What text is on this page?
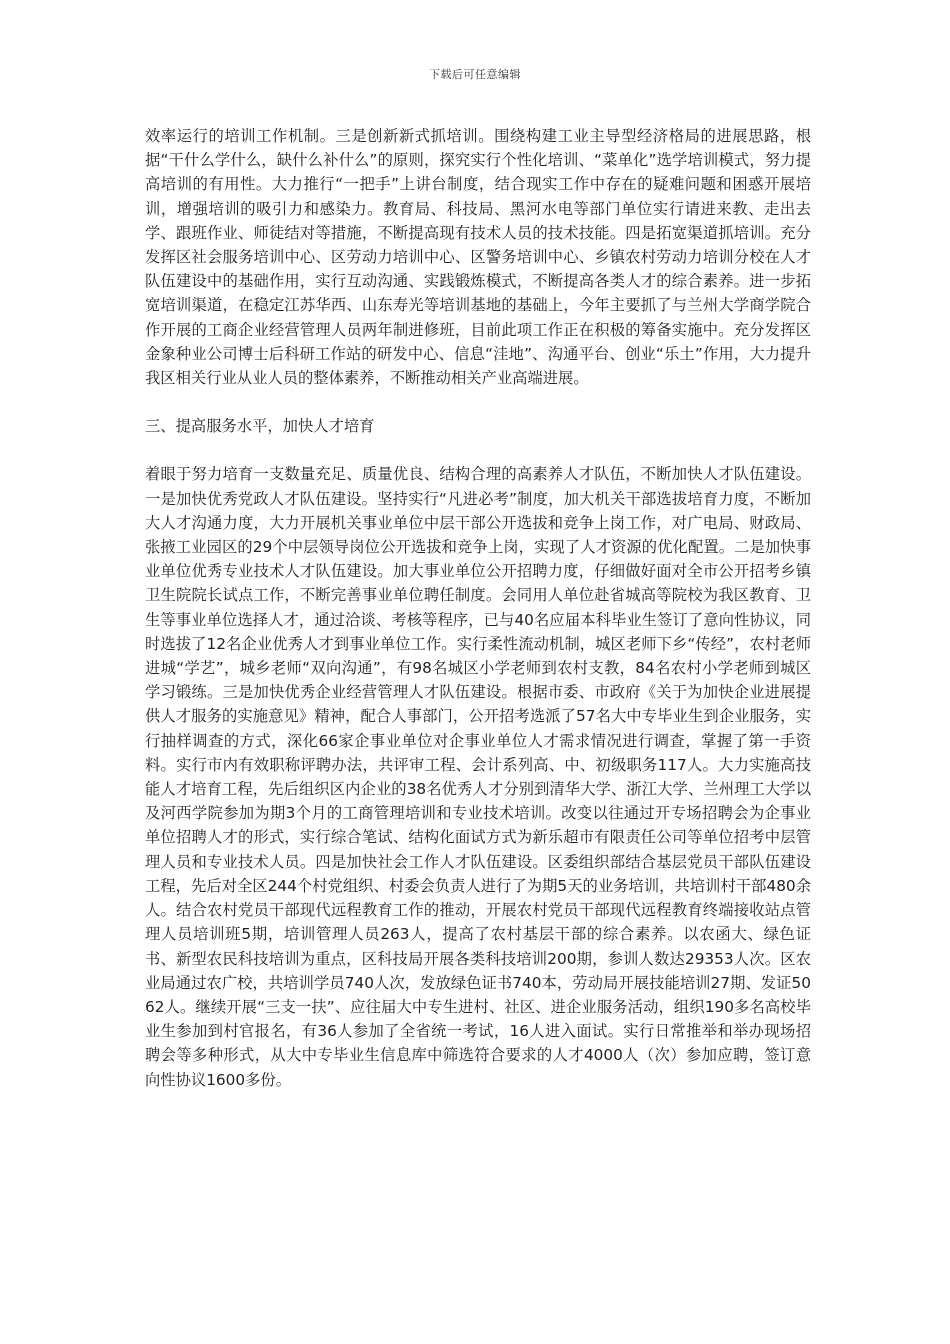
下载后可任意编辑

效率运行的培训工作机制。三是创新新式抓培训。围绕构建工业主导型经济格局的进展思路，根据“干什么学什么，缺什么补什么”的原则，探究实行个性化培训、“菜单化”选学培训模式，努力提高培训的有用性。大力推行“一把手”上讲台制度，结合现实工作中存在的疑难问题和困惑开展培训，增强培训的吸引力和感染力。教育局、科技局、黑河水电等部门单位实行请进来教、走出去学、跟班作业、师徒结对等措施，不断提高现有技术人员的技术技能。四是拓宽渠道抓培训。充分发挥区社会服务培训中心、区劳动力培训中心、区警务培训中心、乡镇农村劳动力培训分校在人才队伍建设中的基础作用，实行互动沟通、实践锻炼模式，不断提高各类人才的综合素养。进一步拓宽培训渠道，在稳定江苏华西、山东寿光等培训基地的基础上，今年主要抓了与兰州大学商学院合作开展的工商企业经营管理人员两年制进修班，目前此项工作正在积极的筹备实施中。充分发挥区金象种业公司博士后科研工作站的研发中心、信息“洼地”、沟通平台、创业“乐土”作用，大力提升我区相关行业从业人员的整体素养，不断推动相关产业高端进展。

三、提高服务水平，加快人才培育

着眼于努力培育一支数量充足、质量优良、结构合理的高素养人才队伍，不断加快人才队伍建设。一是加快优秀党政人才队伍建设。坚持实行“凡进必考”制度，加大机关干部选拔培育力度，不断加大人才沟通力度，大力开展机关事业单位中层干部公开选拔和竞争上岗工作，对广电局、财政局、张掖工业园区的29个中层领导岗位公开选拔和竞争上岗，实现了人才资源的优化配置。二是加快事业单位优秀专业技术人才队伍建设。加大事业单位公开招聘力度，仔细做好面对全市公开招考乡镇卫生院院长试点工作，不断完善事业单位聘任制度。会同用人单位赴省城高等院校为我区教育、卫生等事业单位选择人才，通过洽谈、考核等程序，已与40名应届本科毕业生签订了意向性协议，同时选拔了12名企业优秀人才到事业单位工作。实行柔性流动机制，城区老师下乡“传经”，农村老师进城“学艺”，城乡老师“双向沟通”，有98名城区小学老师到农村支教，84名农村小学老师到城区学习锻练。三是加快优秀企业经营管理人才队伍建设。根据市委、市政府《关于为加快企业进展提供人才服务的实施意见》精神，配合人事部门，公开招考选派了57名大中专毕业生到企业服务，实行抽样调查的方式，深化66家企事业单位对企事业单位人才需求情况进行调查，掌握了第一手资料。实行市内有效职称评聘办法，共评审工程、会计系列高、中、初级职务117人。大力实施高技能人才培育工程，先后组织区内企业的38名优秀人才分别到清华大学、浙江大学、兰州理工大学以及河西学院参加为期3个月的工商管理培训和专业技术培训。改变以往通过开专场招聘会为企事业单位招聘人才的形式，实行综合笔试、结构化面试方式为新乐超市有限责任公司等单位招考中层管理人员和专业技术人员。四是加快社会工作人才队伍建设。区委组织部结合基层党员干部队伍建设工程，先后对全区244个村党组织、村委会负责人进行了为期5天的业务培训，共培训村干部480余人。结合农村党员干部现代远程教育工作的推动，开展农村党员干部现代远程教育终端接收站点管理人员培训班5期，培训管理人员263人，提高了农村基层干部的综合素养。以农函大、绿色证书、新型农民科技培训为重点，区科技局开展各类科技培训200期，参训人数达29353人次。区农业局通过农广校，共培训学员740人次，发放绿色证书740本，劳动局开展技能培训27期、发证5062人。继续开展“三支一扶”、应往届大中专生进村、社区、进企业服务活动，组织190多名高校毕业生参加到村官报名，有36人参加了全省统一考试，16人进入面试。实行日常推举和举办现场招聘会等多种形式，从大中专毕业生信息库中筛选符合要求的人才4000人（次）参加应聘，签订意向性协议1600多份。
